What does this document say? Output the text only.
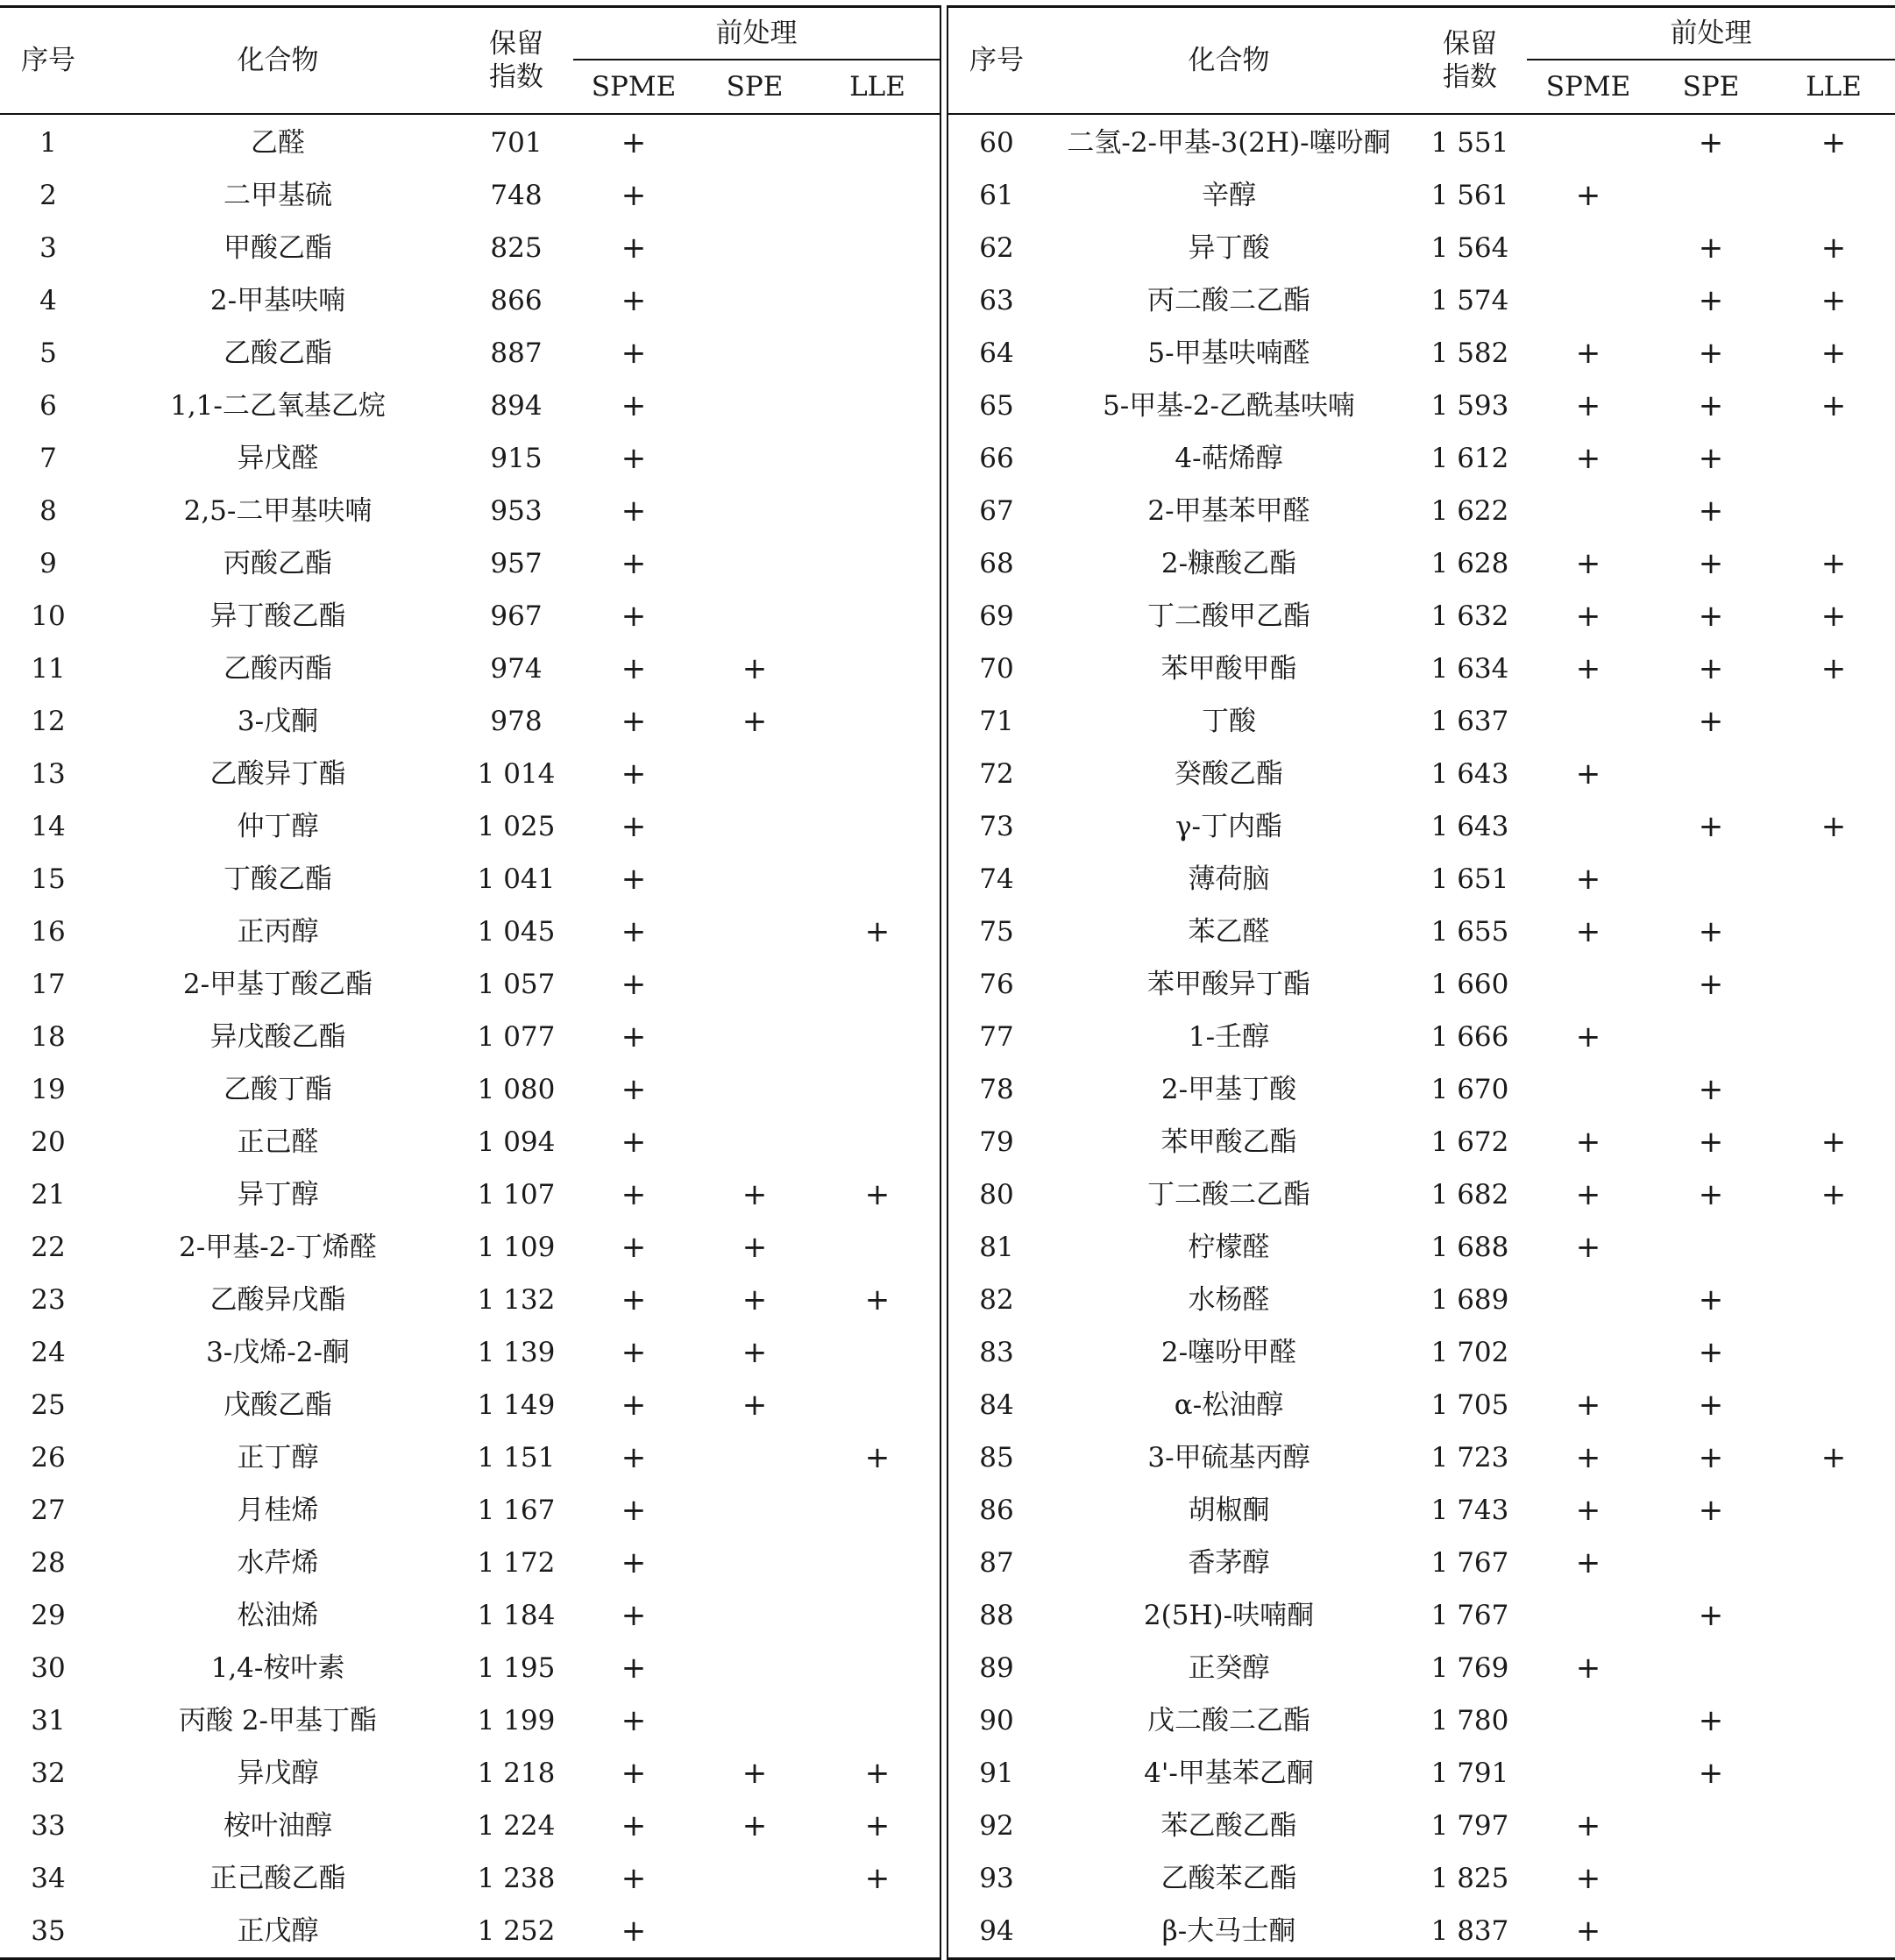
序号	化合物	保留
指数	前处理		
			SPME	SPE	LLE
1	乙醛	701	+		
2	二甲基硫	748	+		
3	甲酸乙酯	825	+		
4	2-甲基呋喃	866	+		
5	乙酸乙酯	887	+		
6	1,1-二乙氧基乙烷	894	+		
7	异戊醛	915	+		
8	2,5-二甲基呋喃	953	+		
9	丙酸乙酯	957	+		
10	异丁酸乙酯	967	+		
11	乙酸丙酯	974	+	+	
12	3-戊酮	978	+	+	
13	乙酸异丁酯	1 014	+		
14	仲丁醇	1 025	+		
15	丁酸乙酯	1 041	+		
16	正丙醇	1 045	+		+
17	2-甲基丁酸乙酯	1 057	+		
18	异戊酸乙酯	1 077	+		
19	乙酸丁酯	1 080	+		
20	正己醛	1 094	+		
21	异丁醇	1 107	+	+	+
22	2-甲基-2-丁烯醛	1 109	+	+	
23	乙酸异戊酯	1 132	+	+	+
24	3-戊烯-2-酮	1 139	+	+	
25	戊酸乙酯	1 149	+	+	
26	正丁醇	1 151	+		+
27	月桂烯	1 167	+		
28	水芹烯	1 172	+		
29	松油烯	1 184	+		
30	1,4-桉叶素	1 195	+		
31	丙酸 2-甲基丁酯	1 199	+		
32	异戊醇	1 218	+	+	+
33	桉叶油醇	1 224	+	+	+
34	正己酸乙酯	1 238	+		+
35	正戊醇	1 252	+		
序号	化合物	保留
指数	前处理		
			SPME	SPE	LLE
60	二氢-2-甲基-3(2H)-噻吩酮	1 551		+	+
61	辛醇	1 561	+		
62	异丁酸	1 564		+	+
63	丙二酸二乙酯	1 574		+	+
64	5-甲基呋喃醛	1 582	+	+	+
65	5-甲基-2-乙酰基呋喃	1 593	+	+	+
66	4-萜烯醇	1 612	+	+	
67	2-甲基苯甲醛	1 622		+	
68	2-糠酸乙酯	1 628	+	+	+
69	丁二酸甲乙酯	1 632	+	+	+
70	苯甲酸甲酯	1 634	+	+	+
71	丁酸	1 637		+	
72	癸酸乙酯	1 643	+		
73	γ-丁内酯	1 643		+	+
74	薄荷脑	1 651	+		
75	苯乙醛	1 655	+	+	
76	苯甲酸异丁酯	1 660		+	
77	1-壬醇	1 666	+		
78	2-甲基丁酸	1 670		+	
79	苯甲酸乙酯	1 672	+	+	+
80	丁二酸二乙酯	1 682	+	+	+
81	柠檬醛	1 688	+		
82	水杨醛	1 689		+	
83	2-噻吩甲醛	1 702		+	
84	α-松油醇	1 705	+	+	
85	3-甲硫基丙醇	1 723	+	+	+
86	胡椒酮	1 743	+	+	
87	香茅醇	1 767	+		
88	2(5H)-呋喃酮	1 767		+	
89	正癸醇	1 769	+		
90	戊二酸二乙酯	1 780		+	
91	4'-甲基苯乙酮	1 791		+	
92	苯乙酸乙酯	1 797	+		
93	乙酸苯乙酯	1 825	+		
94	β-大马士酮	1 837	+		
